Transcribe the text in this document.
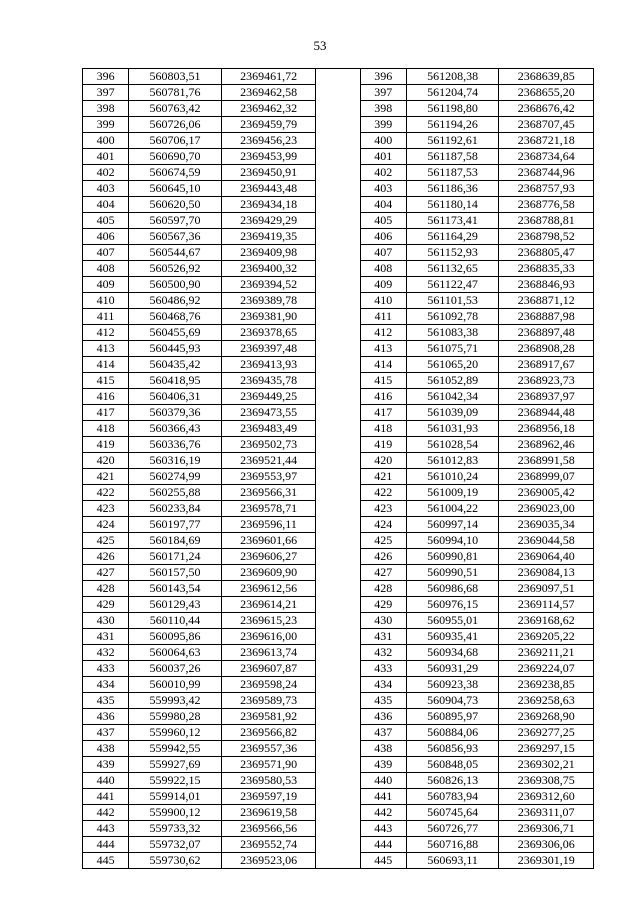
53
396	560803,51	2369461,72		396	561208,38	2368639,85
397	560781,76	2369462,58		397	561204,74	2368655,20
398	560763,42	2369462,32		398	561198,80	2368676,42
399	560726,06	2369459,79		399	561194,26	2368707,45
400	560706,17	2369456,23		400	561192,61	2368721,18
401	560690,70	2369453,99		401	561187,58	2368734,64
402	560674,59	2369450,91		402	561187,53	2368744,96
403	560645,10	2369443,48		403	561186,36	2368757,93
404	560620,50	2369434,18		404	561180,14	2368776,58
405	560597,70	2369429,29		405	561173,41	2368788,81
406	560567,36	2369419,35		406	561164,29	2368798,52
407	560544,67	2369409,98		407	561152,93	2368805,47
408	560526,92	2369400,32		408	561132,65	2368835,33
409	560500,90	2369394,52		409	561122,47	2368846,93
410	560486,92	2369389,78		410	561101,53	2368871,12
411	560468,76	2369381,90		411	561092,78	2368887,98
412	560455,69	2369378,65		412	561083,38	2368897,48
413	560445,93	2369397,48		413	561075,71	2368908,28
414	560435,42	2369413,93		414	561065,20	2368917,67
415	560418,95	2369435,78		415	561052,89	2368923,73
416	560406,31	2369449,25		416	561042,34	2368937,97
417	560379,36	2369473,55		417	561039,09	2368944,48
418	560366,43	2369483,49		418	561031,93	2368956,18
419	560336,76	2369502,73		419	561028,54	2368962,46
420	560316,19	2369521,44		420	561012,83	2368991,58
421	560274,99	2369553,97		421	561010,24	2368999,07
422	560255,88	2369566,31		422	561009,19	2369005,42
423	560233,84	2369578,71		423	561004,22	2369023,00
424	560197,77	2369596,11		424	560997,14	2369035,34
425	560184,69	2369601,66		425	560994,10	2369044,58
426	560171,24	2369606,27		426	560990,81	2369064,40
427	560157,50	2369609,90		427	560990,51	2369084,13
428	560143,54	2369612,56		428	560986,68	2369097,51
429	560129,43	2369614,21		429	560976,15	2369114,57
430	560110,44	2369615,23		430	560955,01	2369168,62
431	560095,86	2369616,00		431	560935,41	2369205,22
432	560064,63	2369613,74		432	560934,68	2369211,21
433	560037,26	2369607,87		433	560931,29	2369224,07
434	560010,99	2369598,24		434	560923,38	2369238,85
435	559993,42	2369589,73		435	560904,73	2369258,63
436	559980,28	2369581,92		436	560895,97	2369268,90
437	559960,12	2369566,82		437	560884,06	2369277,25
438	559942,55	2369557,36		438	560856,93	2369297,15
439	559927,69	2369571,90		439	560848,05	2369302,21
440	559922,15	2369580,53		440	560826,13	2369308,75
441	559914,01	2369597,19		441	560783,94	2369312,60
442	559900,12	2369619,58		442	560745,64	2369311,07
443	559733,32	2369566,56		443	560726,77	2369306,71
444	559732,07	2369552,74		444	560716,88	2369306,06
445	559730,62	2369523,06		445	560693,11	2369301,19
